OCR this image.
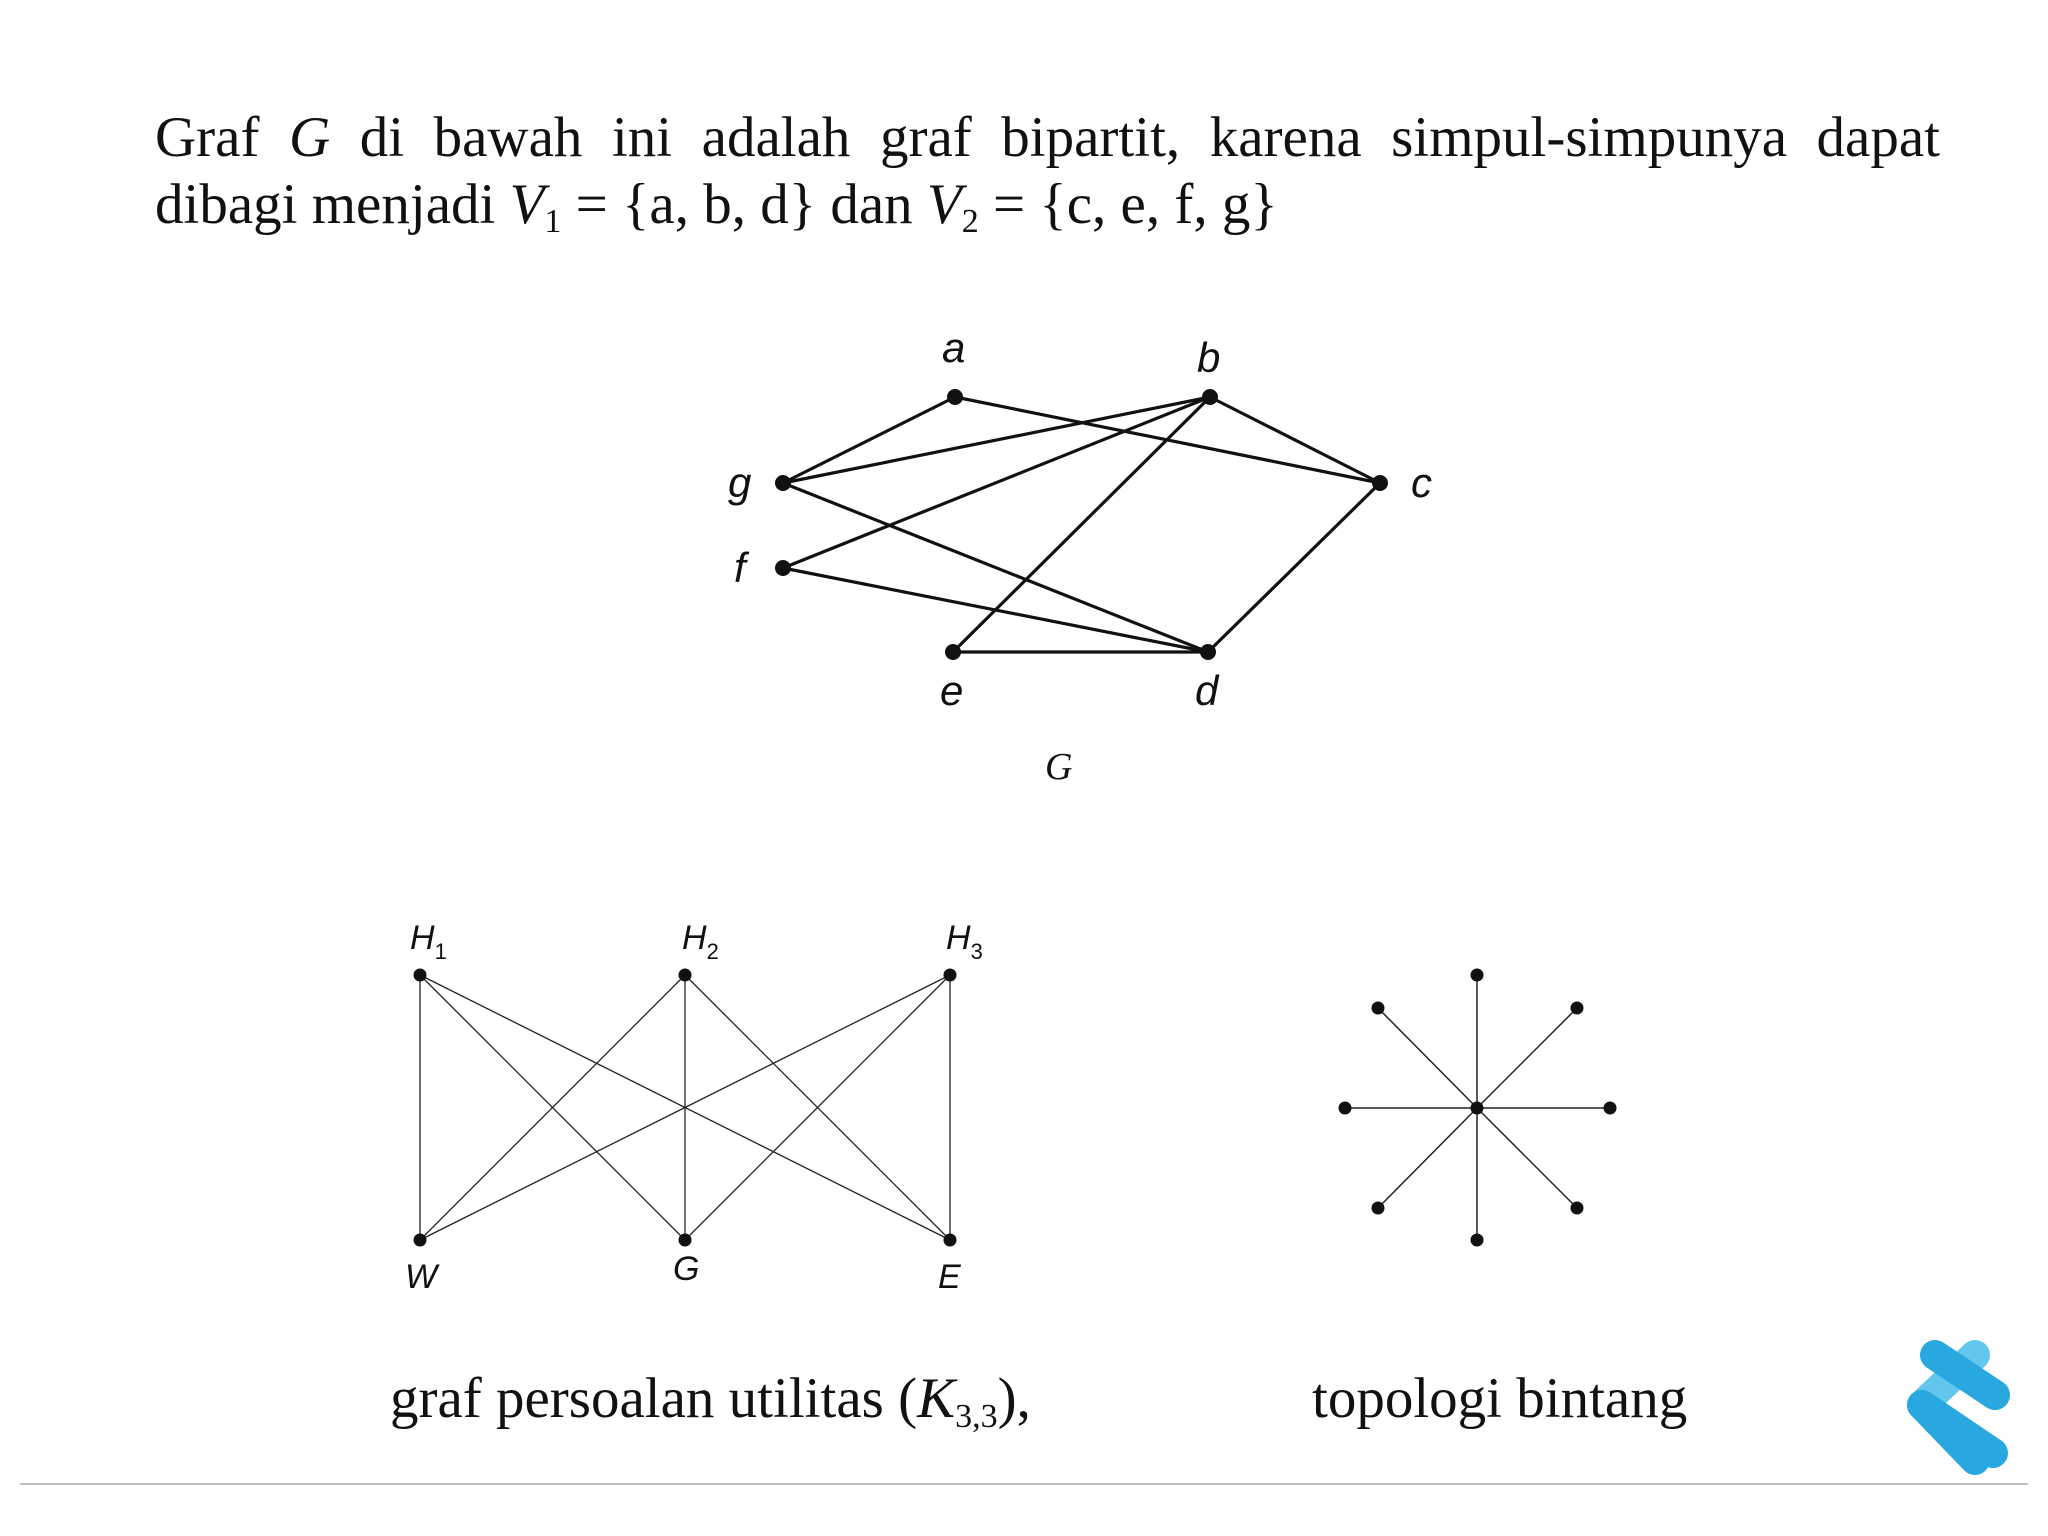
Graf G di bawah ini adalah graf bipartit, karena simpul-simpunya dapat
dibagi menjadi $V_1 = \{a$, b, d} dan $V_2 = \{c$, e, f, g}
a	b
c
d
e
f
g
G
$H_1$	$H_2$	$H_3$
W	G	E
graf persoalan utilitas $(K_{3,3})$,	topologi bintang
